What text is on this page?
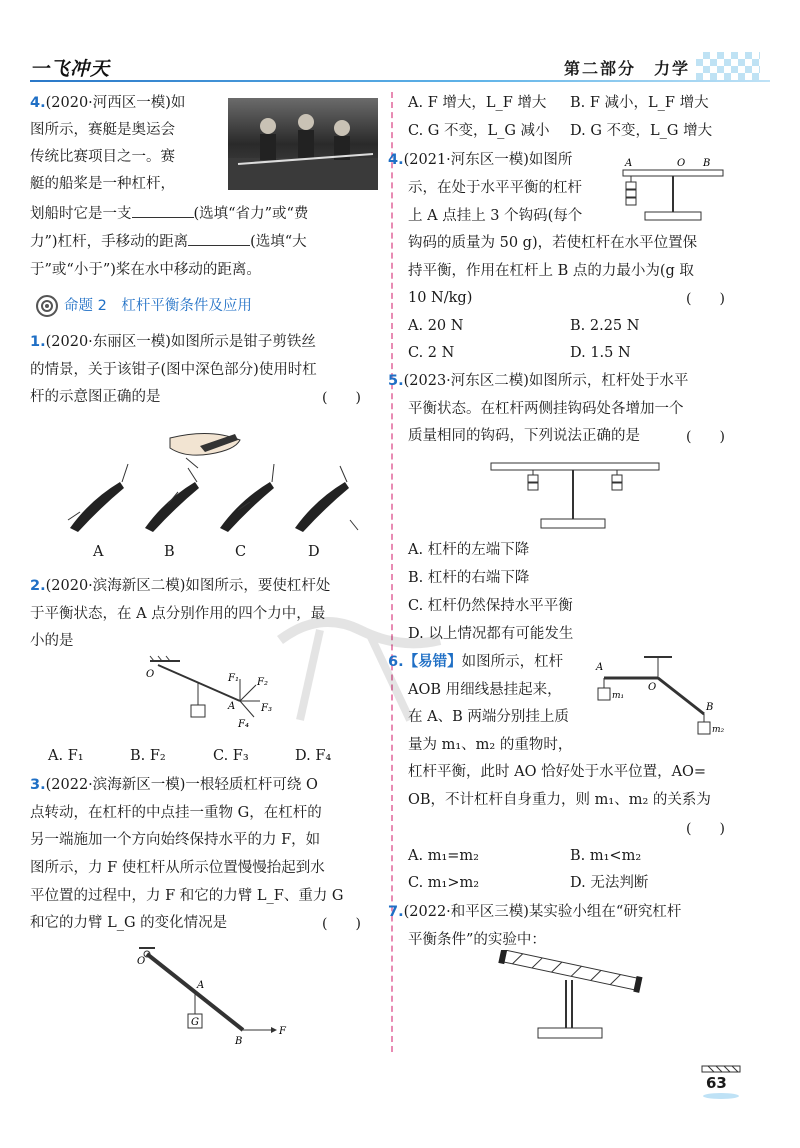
一飞冲天	第二部分　力学
4.(2020·河西区一模)如
图所示，赛艇是奥运会
传统比赛项目之一。赛
艇的船桨是一种杠杆，
划船时它是一支	(选填“省力”或“费
力”)杠杆，手移动的距离	(选填“大
于”或“小于”)桨在水中移动的距离。
命题 2　杠杆平衡条件及应用
1.(2020·东丽区一模)如图所示是钳子剪铁丝
的情景，关于该钳子(图中深色部分)使用时杠
杆的示意图正确的是	(　　)
A	B	C	D
2.(2020·滨海新区二模)如图所示，要使杠杆处
于平衡状态，在 A 点分别作用的四个力中，最
小的是
O
A
F₁ F₂
F₃
F₄
A. F₁	B. F₂	C. F₃	D. F₄
3.(2022·滨海新区一模)一根轻质杠杆可绕 O
点转动，在杠杆的中点挂一重物 G，在杠杆的
另一端施加一个方向始终保持水平的力 F，如
图所示，力 F 使杠杆从所示位置慢慢抬起到水
平位置的过程中，力 F 和它的力臂 L_F、重力 G
和它的力臂 L_G 的变化情况是	(　　)
O
A
G
B
F
A. F 增大，L_F 增大 B. F 减小，L_F 增大
C. G 不变，L_G 减小 D. G 不变，L_G 增大
4.(2021·河东区一模)如图所
示，在处于水平平衡的杠杆
上 A 点挂上 3 个钩码(每个
钩码的质量为 50 g)，若使杠杆在水平位置保
持平衡，作用在杠杆上 B 点的力最小为(g 取
10 N/kg)	(　　)
A	O B
A. 20 N	B. 2.25 N
C. 2 N	D. 1.5 N
5.(2023·河东区二模)如图所示，杠杆处于水平
平衡状态。在杠杆两侧挂钩码处各增加一个
质量相同的钩码，下列说法正确的是	(　　)
A. 杠杆的左端下降
B. 杠杆的右端下降
C. 杠杆仍然保持水平平衡
D. 以上情况都有可能发生
6.【易错】如图所示，杠杆
AOB 用细线悬挂起来，
在 A、B 两端分别挂上质
量为 m₁、m₂ 的重物时，
杠杆平衡，此时 AO 恰好处于水平位置，AO=
OB，不计杠杆自身重力，则 m₁、m₂ 的关系为
(　　)
A
O
B
m₁
m₂
A. m₁=m₂	B. m₁<m₂
C. m₁>m₂	D. 无法判断
7.(2022·和平区三模)某实验小组在“研究杠杆
平衡条件”的实验中：
63
